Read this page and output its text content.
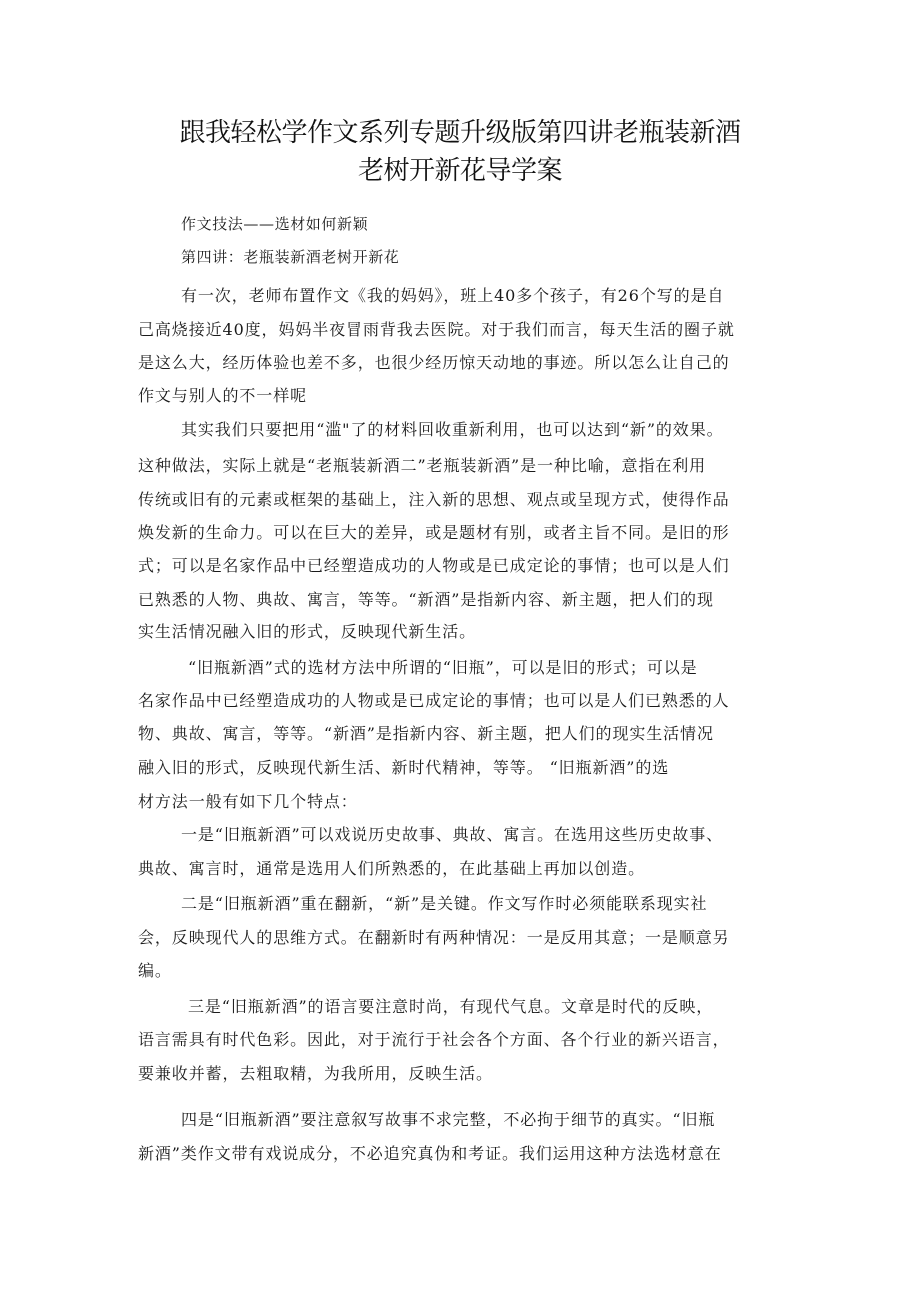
跟我轻松学作文系列专题升级版第四讲老瓶装新酒
老树开新花导学案

作文技法——选材如何新颖

第四讲：老瓶装新酒老树开新花

有一次，老师布置作文《我的妈妈》，班上40多个孩子，有26个写的是自

己高烧接近40度，妈妈半夜冒雨背我去医院。对于我们而言，每天生活的圈子就

是这么大，经历体验也差不多，也很少经历惊天动地的事迹。所以怎么让自己的

作文与别人的不一样呢

其实我们只要把用“滥"了的材料回收重新利用，也可以达到“新”的效果。

这种做法，实际上就是“老瓶装新酒二”老瓶装新酒”是一种比喻，意指在利用

传统或旧有的元素或框架的基础上，注入新的思想、观点或呈现方式，使得作品

焕发新的生命力。可以在巨大的差异，或是题材有别，或者主旨不同。是旧的形

式；可以是名家作品中已经塑造成功的人物或是已成定论的事情；也可以是人们

已熟悉的人物、典故、寓言，等等。“新酒”是指新内容、新主题，把人们的现

实生活情况融入旧的形式，反映现代新生活。

“旧瓶新酒”式的选材方法中所谓的“旧瓶”，可以是旧的形式；可以是

名家作品中已经塑造成功的人物或是已成定论的事情；也可以是人们已熟悉的人

物、典故、寓言，等等。“新酒”是指新内容、新主题，把人们的现实生活情况

融入旧的形式，反映现代新生活、新时代精神，等等。 “旧瓶新酒”的选

材方法一般有如下几个特点：

一是“旧瓶新酒”可以戏说历史故事、典故、寓言。在选用这些历史故事、

典故、寓言时，通常是选用人们所熟悉的，在此基础上再加以创造。

二是“旧瓶新酒”重在翻新，“新”是关键。作文写作时必须能联系现实社

会，反映现代人的思维方式。在翻新时有两种情况：一是反用其意；一是顺意另

编。

三是“旧瓶新酒”的语言要注意时尚，有现代气息。文章是时代的反映，

语言需具有时代色彩。因此，对于流行于社会各个方面、各个行业的新兴语言，

要兼收并蓄，去粗取精，为我所用，反映生活。

四是“旧瓶新酒”要注意叙写故事不求完整，不必拘于细节的真实。“旧瓶

新酒”类作文带有戏说成分，不必追究真伪和考证。我们运用这种方法选材意在
